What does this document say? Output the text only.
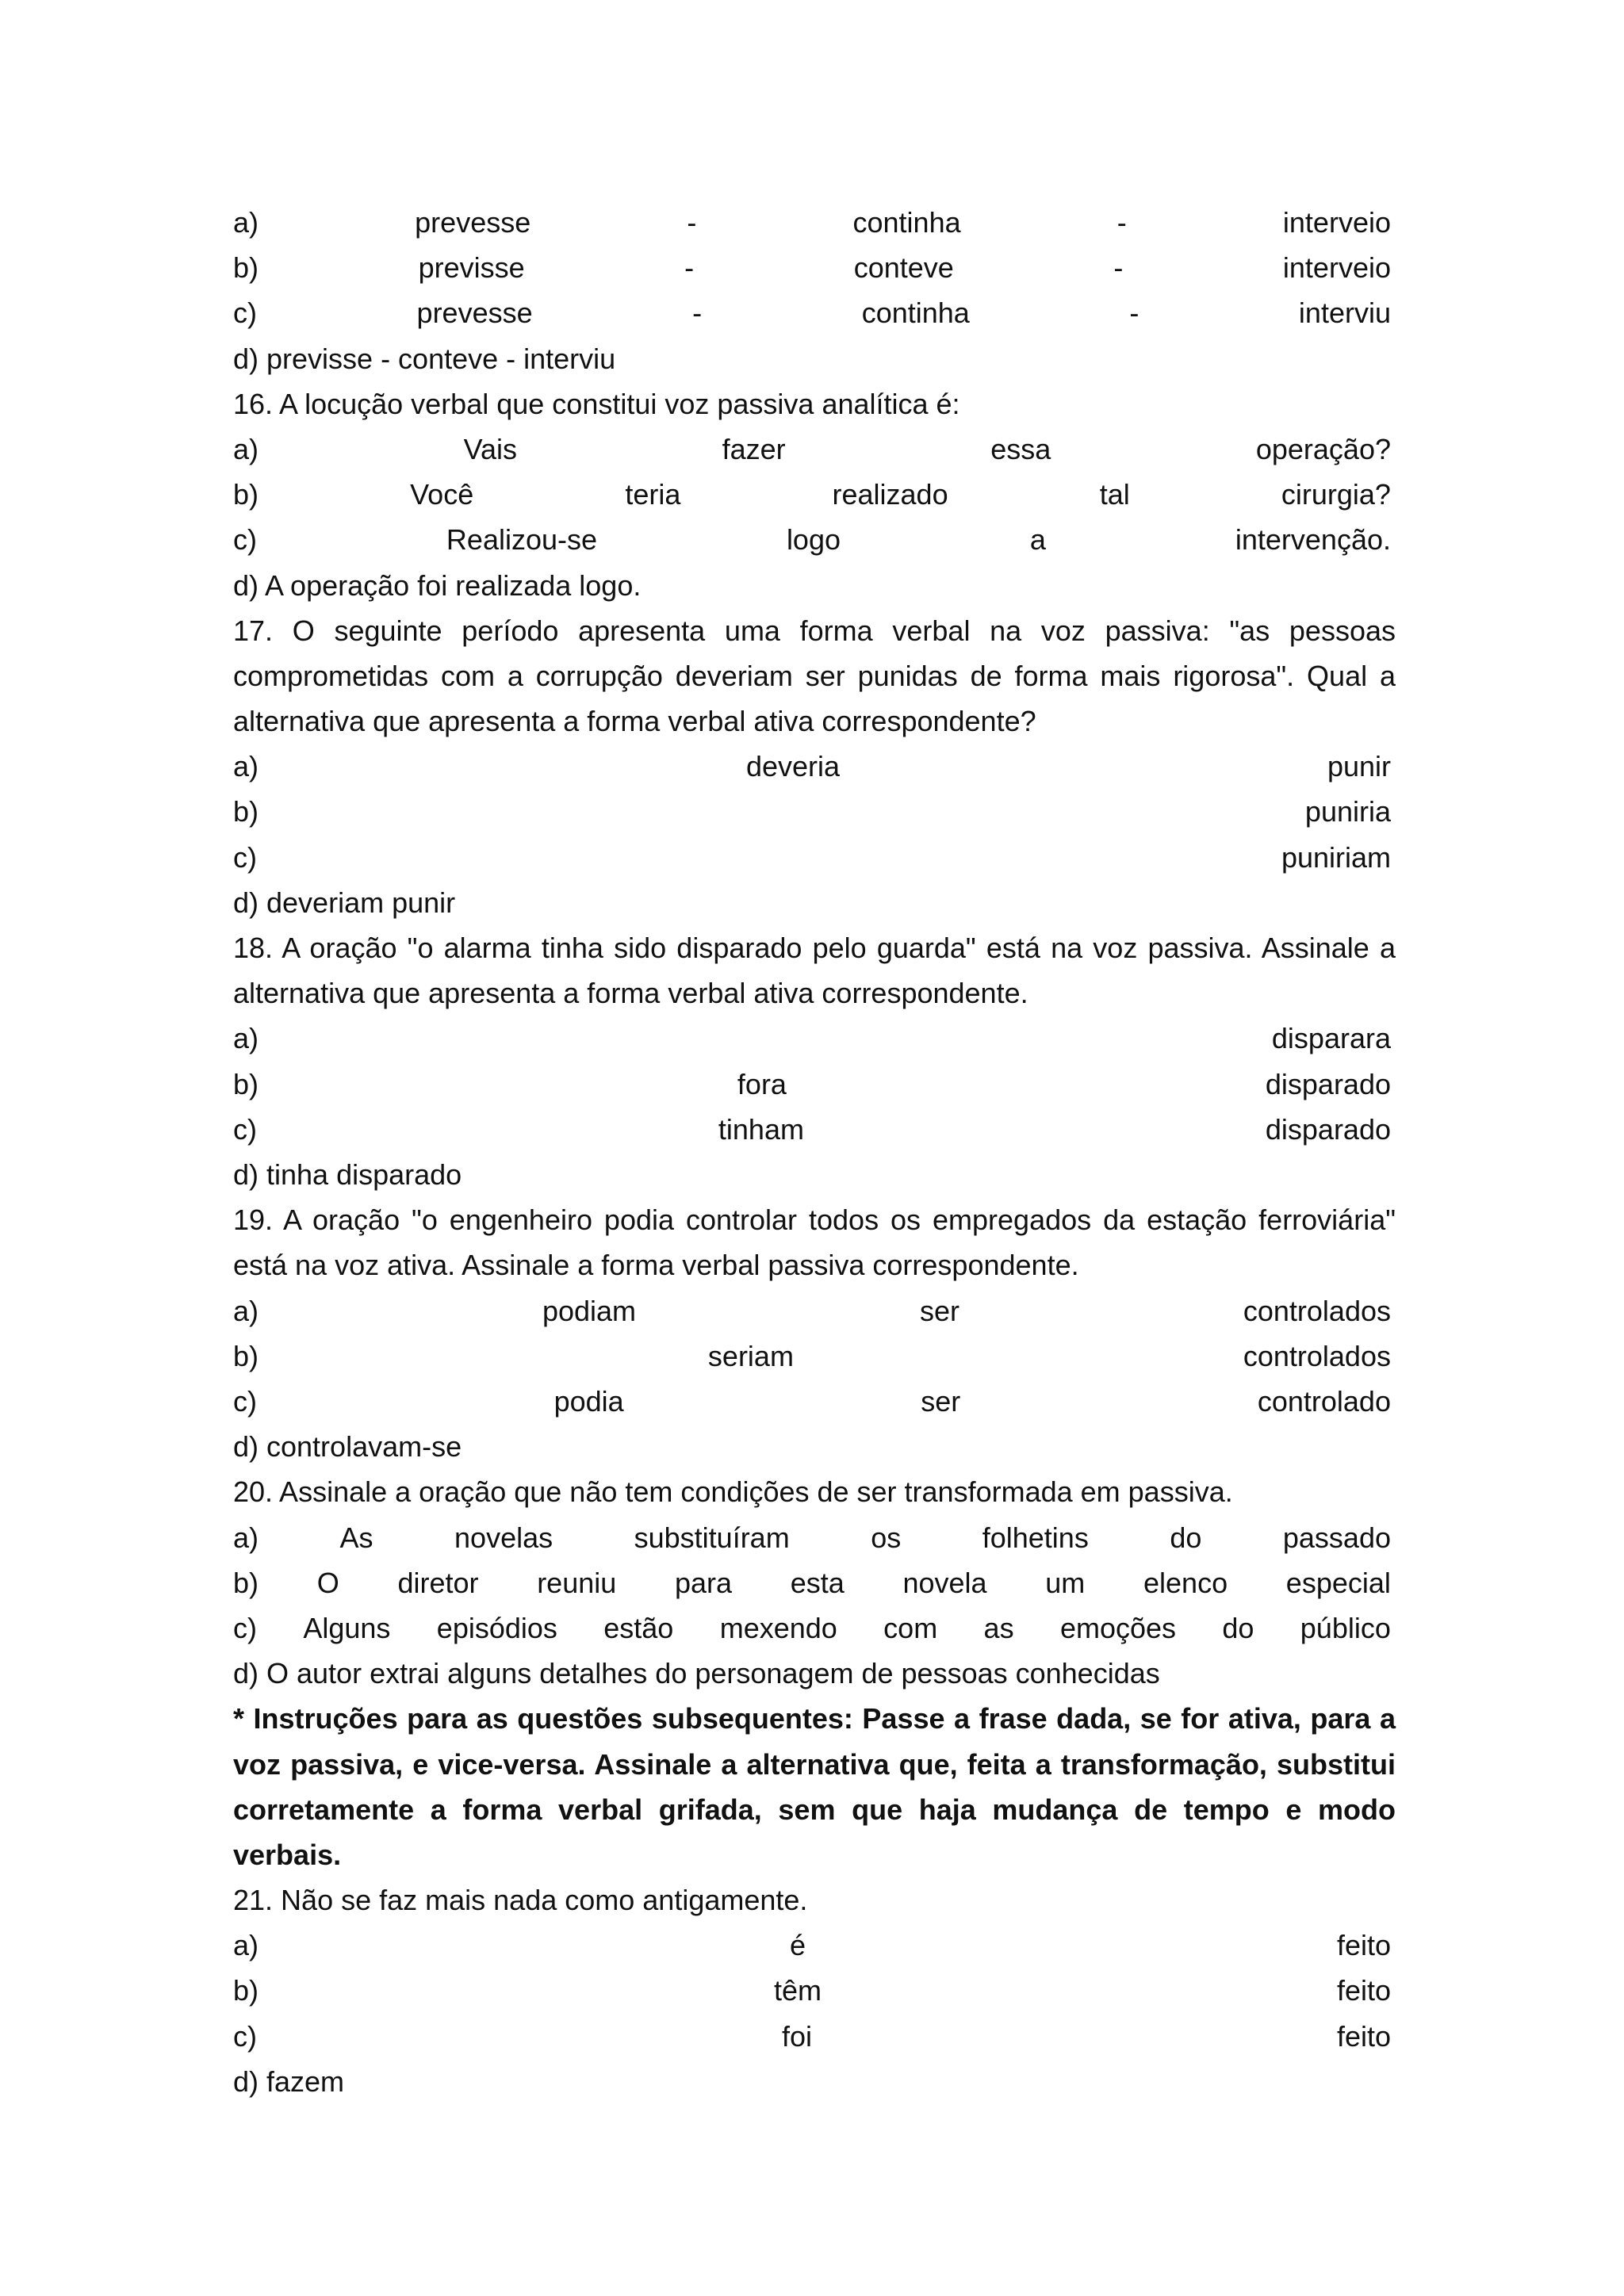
a)	prevesse	-	continha	-	interveio
b)	previsse	-	conteve	-	interveio
c)	prevesse	-	continha	-	interviu
d) previsse - conteve - interviu
16. A locução verbal que constitui voz passiva analítica é:
a)	Vais	fazer	essa	operação?
b)	Você	teria	realizado	tal	cirurgia?
c)	Realizou-se	logo	a	intervenção.
d) A operação foi realizada logo.
17. O seguinte período apresenta uma forma verbal na voz passiva: "as pessoas comprometidas com a corrupção deveriam ser punidas de forma mais rigorosa". Qual a alternativa que apresenta a forma verbal ativa correspondente?
a)	deveria	punir
b)	puniria
c)	puniriam
d) deveriam punir
18. A oração "o alarma tinha sido disparado pelo guarda" está na voz passiva. Assinale a alternativa que apresenta a forma verbal ativa correspondente.
a)	disparara
b)	fora	disparado
c)	tinham	disparado
d) tinha disparado
19. A oração "o engenheiro podia controlar todos os empregados da estação ferroviária" está na voz ativa. Assinale a forma verbal passiva correspondente.
a)	podiam	ser	controlados
b)	seriam	controlados
c)	podia	ser	controlado
d) controlavam-se
20. Assinale a oração que não tem condições de ser transformada em passiva.
a)	As	novelas	substituíram	os	folhetins	do	passado
b) O diretor reuniu para esta novela um elenco especial
c) Alguns episódios estão mexendo com as emoções do público
d) O autor extrai alguns detalhes do personagem de pessoas conhecidas
* Instruções para as questões subsequentes: Passe a frase dada, se for ativa, para a voz passiva, e vice-versa. Assinale a alternativa que, feita a transformação, substitui corretamente a forma verbal grifada, sem que haja mudança de tempo e modo verbais.
21. Não se faz mais nada como antigamente.
a)	é	feito
b)	têm	feito
c)	foi	feito
d) fazem
